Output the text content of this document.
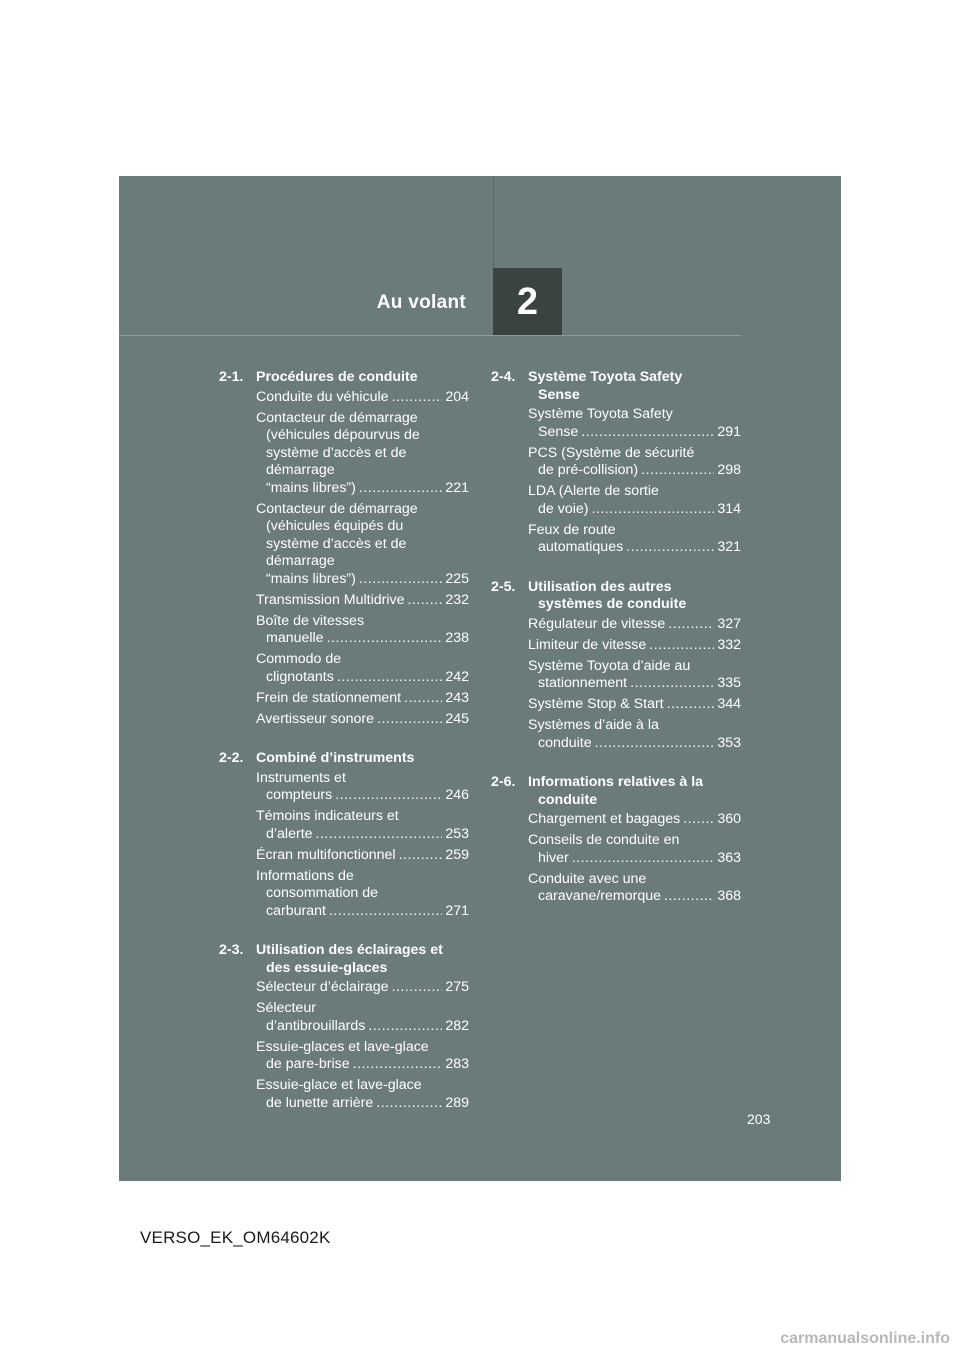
Au volant	2
2-1. Procédures de conduite
Conduite du véhicule .....	204
Contacteur de démarrage
(véhicules dépourvus de
système d’accès et de
démarrage
“mains libres”) .....	221
Contacteur de démarrage
(véhicules équipés du
système d’accès et de
démarrage
“mains libres”) .....	225
Transmission Multidrive .....	232
Boîte de vitesses
manuelle .....	238
Commodo de
clignotants .....	242
Frein de stationnement .....	243
Avertisseur sonore .....	245
2-2. Combiné d’instruments
Instruments et
compteurs .....	246
Témoins indicateurs et
d’alerte .....	253
Écran multifonctionnel .....	259
Informations de
consommation de
carburant .....	271
2-3. Utilisation des éclairages et

des essuie-glaces
Sélecteur d’éclairage .....	275
Sélecteur
d’antibrouillards .....	282
Essuie-glaces et lave-glace
de pare-brise .....	283
Essuie-glace et lave-glace
de lunette arrière .....	289
2-4. Système Toyota Safety

Sense
Système Toyota Safety
Sense .....	291
PCS (Système de sécurité
de pré-collision) .....	298
LDA (Alerte de sortie
de voie) .....	314
Feux de route
automatiques .....	321
2-5. Utilisation des autres

systèmes de conduite
Régulateur de vitesse .....	327
Limiteur de vitesse .....	332
Système Toyota d’aide au
stationnement .....	335
Système Stop & Start .....	344
Systèmes d’aide à la
conduite .....	353
2-6. Informations relatives à la

conduite
Chargement et bagages .....	360
Conseils de conduite en
hiver .....	363
Conduite avec une
caravane/remorque .....	368
203
VERSO_EK_OM64602K
carmanualsonline.info
